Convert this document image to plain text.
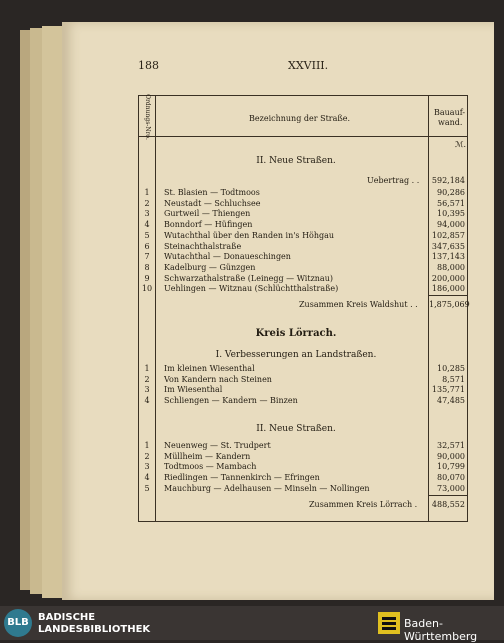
188	XXVIII.
Ordnungs-Nro.	Bezeichnung der Straße.
Bauauf-
wand.
ℳ.
II. Neue Straßen.
Uebertrag . .	592,184
1	St. Blasien — Todtmoos . . .	90,286
2	Neustadt — Schluchsee . . .	56,571
3	Gurtweil — Thiengen . . .	10,395
4	Bonndorf — Hüfingen . . .	94,000
5	Wutachthal über den Randen in's Höhgau . . .	102,857
6	Steinachthalstraße . . .	347,635
7	Wutachthal — Donaueschingen . . .	137,143
8	Kadelburg — Günzgen . . .	88,000
9	Schwarzathalstraße (Leinegg — Witznau) . . .	200,000
10	Uehlingen — Witznau (Schlüchtthalstraße) . . .	186,000
Zusammen Kreis Waldshut . . 1,875,069
Kreis Lörrach.
I. Verbesserungen an Landstraßen.
1	Im kleinen Wiesenthal . . .	10,285
2	Von Kandern nach Steinen . . .	8,571
3	Im Wiesenthal . . .	135,771
4	Schliengen — Kandern — Binzen . . .	47,485
II. Neue Straßen.
1	Neuenweg — St. Trudpert . . .	32,571
2	Müllheim — Kandern . . .	90,000
3	Todtmoos — Mambach . . .	10,799
4	Riedlingen — Tannenkirch — Efringen . . .	80,070
5	Mauchburg — Adelhausen — Minseln — Nollingen . . .	73,000
Zusammen Kreis Lörrach .	488,552
BLB BADISCHE
LANDESBIBLIOTHEK	Baden-Württemberg
